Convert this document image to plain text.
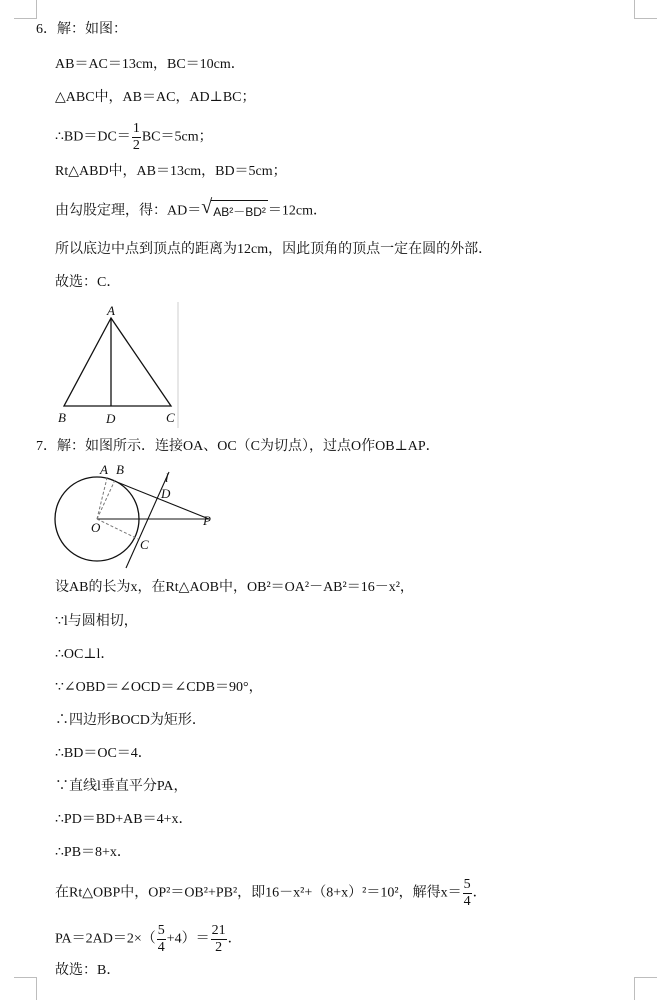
6．解：如图：
AB＝AC＝13cm，BC＝10cm．
△ABC中，AB＝AC，AD⊥BC；
∴BD＝DC＝ $\frac{1}{2} BC=5cm$；
Rt△ABD中，AB＝13cm，BD＝5cm；
由勾股定理，得：AD＝ √ AB²－BD² ＝12cm．
所以底边中点到顶点的距离为12cm，因此顶角的顶点一定在圆的外部．
故选：C．
A
B	D	C
7．解：如图所示．连接OA、OC（C为切点），过点O作OB⊥AP．
A B
l
D
O	P
C
设AB的长为x，在Rt△AOB中，OB²＝OA²－AB²＝16－x²，
∵l与圆相切，
∴OC⊥l．
∵∠OBD＝∠OCD＝∠CDB＝90°，
∴四边形BOCD为矩形．
∴BD＝OC＝4．
∵直线l垂直平分PA，
∴PD＝BD+AB＝4+x．
∴PB＝8+x．
在Rt△OBP中，OP²＝OB²+PB²，即16－x²+（8+x）²＝10²，解得$x= \frac{5}{4}$ ．
$PA=2AD=2\times( \frac{5}{4} +4)= \frac{21}{2}$ ．
故选：B．
